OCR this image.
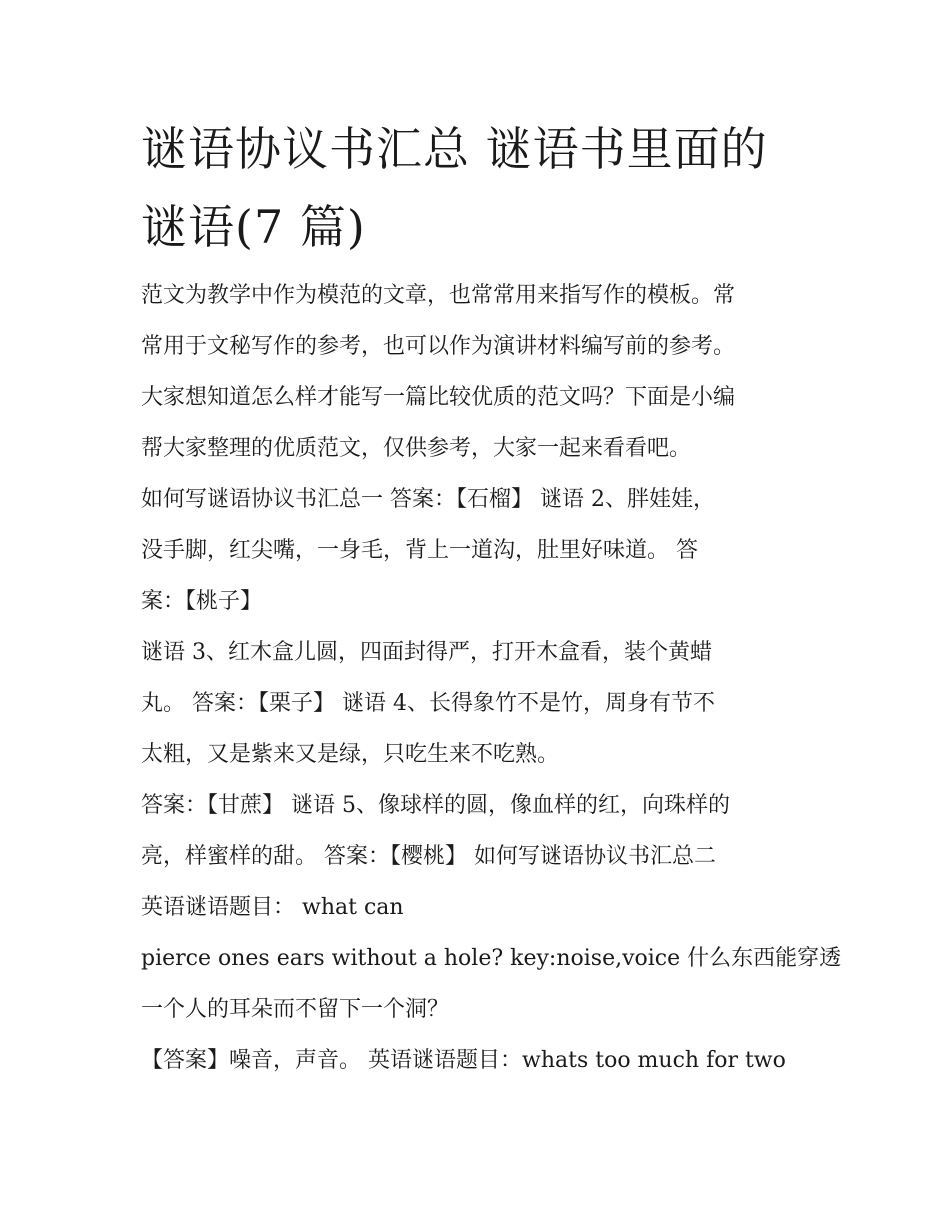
谜语协议书汇总 谜语书里面的
谜语(7 篇)
范文为教学中作为模范的文章，也常常用来指写作的模板。常
常用于文秘写作的参考，也可以作为演讲材料编写前的参考。
大家想知道怎么样才能写一篇比较优质的范文吗？下面是小编
帮大家整理的优质范文，仅供参考，大家一起来看看吧。
如何写谜语协议书汇总一 答案：【石榴】 谜语 2、胖娃娃，
没手脚，红尖嘴，一身毛，背上一道沟，肚里好味道。 答
案：【桃子】
谜语 3、红木盒儿圆，四面封得严，打开木盒看，装个黄蜡
丸。 答案：【栗子】 谜语 4、长得象竹不是竹，周身有节不
太粗，又是紫来又是绿，只吃生来不吃熟。
答案：【甘蔗】 谜语 5、像球样的圆，像血样的红，向珠样的
亮，样蜜样的甜。 答案：【樱桃】 如何写谜语协议书汇总二
英语谜语题目： what can
pierce ones ears without a hole? key:noise,voice 什么东西能穿透
一个人的耳朵而不留下一个洞？
【答案】噪音，声音。 英语谜语题目：whats too much for two
